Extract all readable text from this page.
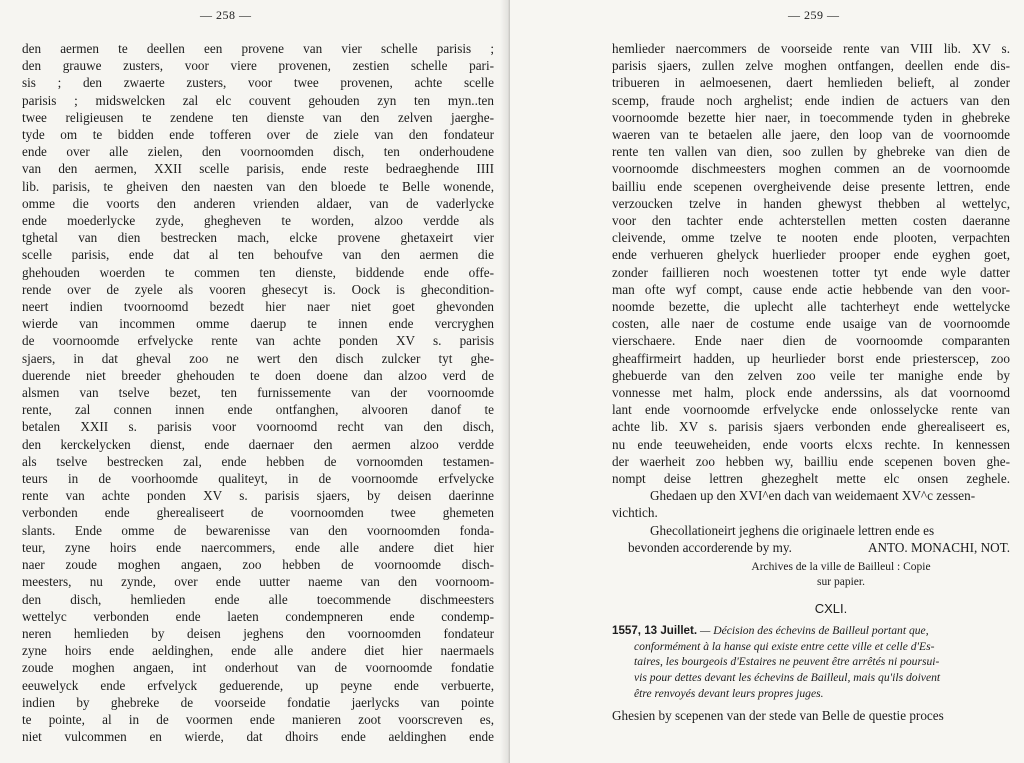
— 258 —
den aermen te deellen een provene van vier schelle parisis ;
den grauwe zusters, voor viere provenen, zestien schelle pari-
sis ; den zwaerte zusters, voor twee provenen, achte scelle
parisis ; midswelcken zal elc couvent gehouden zyn ten myn..ten
twee religieusen te zendene ten dienste van den zelven jaerghe-
tyde om te bidden ende tofferen over de ziele van den fondateur
ende over alle zielen, den voornoomden disch, ten onderhoudene
van den aermen, XXII scelle parisis, ende reste bedraeghende IIII
lib. parisis, te gheiven den naesten van den bloede te Belle wonende,
omme die voorts den anderen vrienden aldaer, van de vaderlycke
ende moederlycke zyde, ghegheven te worden, alzoo verdde als
tghetal van dien bestrecken mach, elcke provene ghetaxeirt vier
scelle parisis, ende dat al ten behoufve van den aermen die
ghehouden woerden te commen ten dienste, biddende ende offe-
rende over de zyele als vooren ghesecyt is. Oock is ghecondition-
neert indien tvoornoomd bezedt hier naer niet goet ghevonden
wierde van incommen omme daerup te innen ende vercryghen
de voornoomde erfvelycke rente van achte ponden XV s. parisis
sjaers, in dat gheval zoo ne wert den disch zulcker tyt ghe-
duerende niet breeder ghehouden te doen doene dan alzoo verd de
alsmen van tselve bezet, ten furnissemente van der voornoomde
rente, zal connen innen ende ontfanghen, alvooren danof te
betalen XXII s. parisis voor voornoomd recht van den disch,
den kerckelycken dienst, ende daernaer den aermen alzoo verdde
als tselve bestrecken zal, ende hebben de vornoomden testamen-
teurs in de voorhoomde qualiteyt, in de voornoomde erfvelycke
rente van achte ponden XV s. parisis sjaers, by deisen daerinne
verbonden ende gherealiseert de voornoomden twee ghemeten
slants. Ende omme de bewarenisse van den voornoomden fonda-
teur, zyne hoirs ende naercommers, ende alle andere diet hier
naer zoude moghen angaen, zoo hebben de voornoomde disch-
meesters, nu zynde, over ende uutter naeme van den voornoom-
den disch, hemlieden ende alle toecommende dischmeesters
wettelyc verbonden ende laeten condempneren ende condemp-
neren hemlieden by deisen jeghens den voornoomden fondateur
zyne hoirs ende aeldinghen, ende alle andere diet hier naermaels
zoude moghen angaen, int onderhout van de voornoomde fondatie
eeuwelyck ende erfvelyck geduerende, up peyne ende verbuerte,
indien by ghebreke de voorseide fondatie jaerlycks van pointe
te pointe, al in de voormen ende manieren zoot voorscreven es,
niet vulcommen en wierde, dat dhoirs ende aeldinghen ende
— 259 —
hemlieder naercommers de voorseide rente van VIII lib. XV s.
parisis sjaers, zullen zelve moghen ontfangen, deellen ende dis-
tribueren in aelmoesenen, daert hemlieden belieft, al zonder
scemp, fraude noch arghelist; ende indien de actuers van den
voornoomde bezette hier naer, in toecommende tyden in ghebreke
waeren van te betaelen alle jaere, den loop van de voornoomde
rente ten vallen van dien, soo zullen by ghebreke van dien de
voornoomde dischmeesters moghen commen an de voornoomde
bailliu ende scepenen overgheivende deise presente lettren, ende
verzoucken tzelve in handen ghewyst thebben al wettelyc,
voor den tachter ende achterstellen metten costen daeranne
cleivende, omme tzelve te nooten ende plooten, verpachten
ende verhueren ghelyck huerlieder prooper ende eyghen goet,
zonder faillieren noch woestenen totter tyt ende wyle datter
man ofte wyf compt, cause ende actie hebbende van den voor-
noomde bezette, die uplecht alle tachterheyt ende wettelycke
costen, alle naer de costume ende usaige van de voornoomde
vierschaere. Ende naer dien de voornoomde comparanten
gheaffirmeirt hadden, up heurlieder borst ende priesterscep, zoo
ghebuerde van den zelven zoo veile ter manighe ende by
vonnesse met halm, plock ende anderssins, als dat voornoomd
lant ende voornoomde erfvelycke ende onlosselycke rente van
achte lib. XV s. parisis sjaers verbonden ende gherealiseert es,
nu ende teeuweheiden, ende voorts elcxs rechte. In kennessen
der waerheit zoo hebben wy, bailliu ende scepenen boven ghe-
nompt deise lettren ghezeghelt mette elc onsen zeghele.
Ghedaen up den XVI^en dach van weidemaent XV^c zessen-
vichtich.
Ghecollationeirt jeghens die originaele lettren ende es
bevonden accorderende by my.	ANTO. MONACHI, NOT.
Archives de la ville de Bailleul : Copie
sur papier.
CXLI.
1557, 13 Juillet. — Décision des échevins de Bailleul portant que,
conformément à la hanse qui existe entre cette ville et celle d'Es-
taires, les bourgeois d'Estaires ne peuvent être arrêtés ni poursui-
vis pour dettes devant les échevins de Bailleul, mais qu'ils doivent
être renvoyés devant leurs propres juges.
Ghesien by scepenen van der stede van Belle de questie proces
